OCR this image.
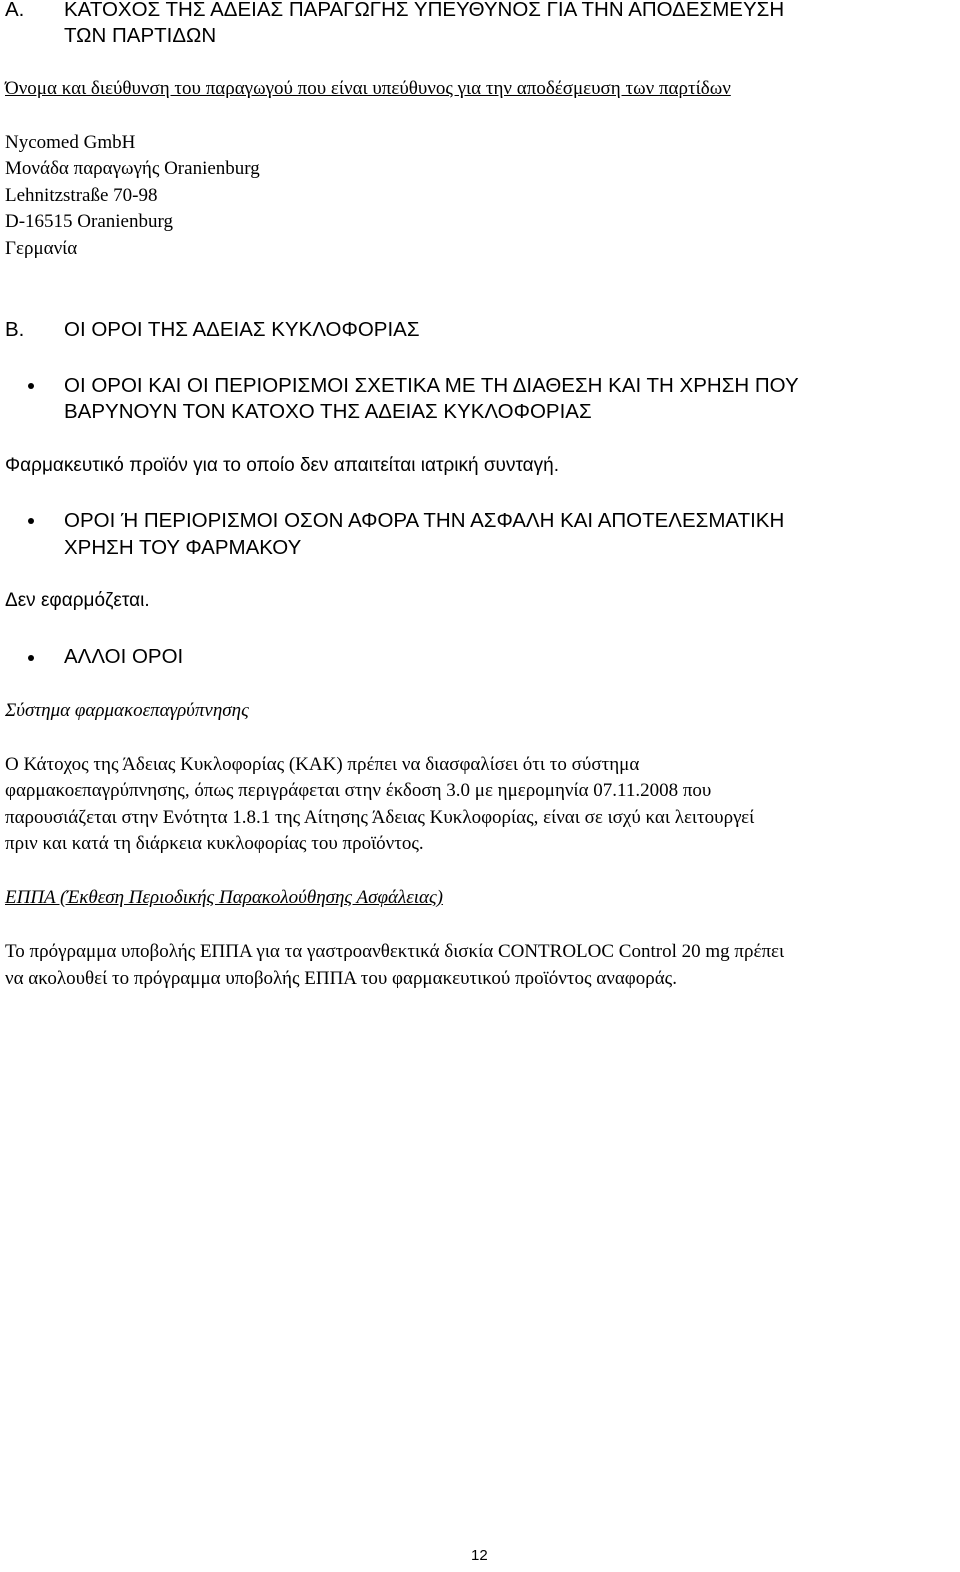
Α. ΚΑΤΟΧΟΣ ΤΗΣ ΑΔΕΙΑΣ ΠΑΡΑΓΩΓΗΣ ΥΠΕΥΘΥΝΟΣ ΓΙΑ ΤΗΝ ΑΠΟΔΕΣΜΕΥΣΗ
ΤΩΝ ΠΑΡΤΙΔΩΝ
Όνομα και διεύθυνση του παραγωγού που είναι υπεύθυνος για την αποδέσμευση των παρτίδων
Nycomed GmbH
Μονάδα παραγωγής Oranienburg
Lehnitzstraße 70-98
D-16515 Oranienburg
Γερμανία
Β. ΟΙ ΟΡΟΙ ΤΗΣ ΑΔΕΙΑΣ ΚΥΚΛΟΦΟΡΙΑΣ
ΟΙ ΟΡΟΙ ΚΑΙ ΟΙ ΠΕΡΙΟΡΙΣΜΟΙ ΣΧΕΤΙΚΑ ΜΕ ΤΗ ΔΙΑΘΕΣΗ ΚΑΙ ΤΗ ΧΡΗΣΗ ΠΟΥ
ΒΑΡΥΝΟΥΝ ΤΟΝ ΚΑΤΟΧΟ ΤΗΣ ΑΔΕΙΑΣ ΚΥΚΛΟΦΟΡΙΑΣ
Φαρμακευτικό προϊόν για το οποίο δεν απαιτείται ιατρική συνταγή.
ΟΡΟΙ Ή ΠΕΡΙΟΡΙΣΜΟΙ ΟΣΟΝ ΑΦΟΡΑ ΤΗΝ ΑΣΦΑΛΗ ΚΑΙ ΑΠΟΤΕΛΕΣΜΑΤΙΚΗ
ΧΡΗΣΗ ΤΟΥ ΦΑΡΜΑΚΟΥ
Δεν εφαρμόζεται.
ΑΛΛΟΙ ΟΡΟΙ
Σύστημα φαρμακοεπαγρύπνησης
Ο Κάτοχος της Άδειας Κυκλοφορίας (ΚΑΚ) πρέπει να διασφαλίσει ότι το σύστημα
φαρμακοεπαγρύπνησης, όπως περιγράφεται στην έκδοση 3.0 με ημερομηνία 07.11.2008 που
παρουσιάζεται στην Ενότητα 1.8.1 της Αίτησης Άδειας Κυκλοφορίας, είναι σε ισχύ και λειτουργεί
πριν και κατά τη διάρκεια κυκλοφορίας του προϊόντος.
ΕΠΠΑ (Έκθεση Περιοδικής Παρακολούθησης Ασφάλειας)
Το πρόγραμμα υποβολής ΕΠΠΑ για τα γαστροανθεκτικά δισκία CONTROLOC Control 20 mg πρέπει
να ακολουθεί το πρόγραμμα υποβολής ΕΠΠΑ του φαρμακευτικού προϊόντος αναφοράς.
12
